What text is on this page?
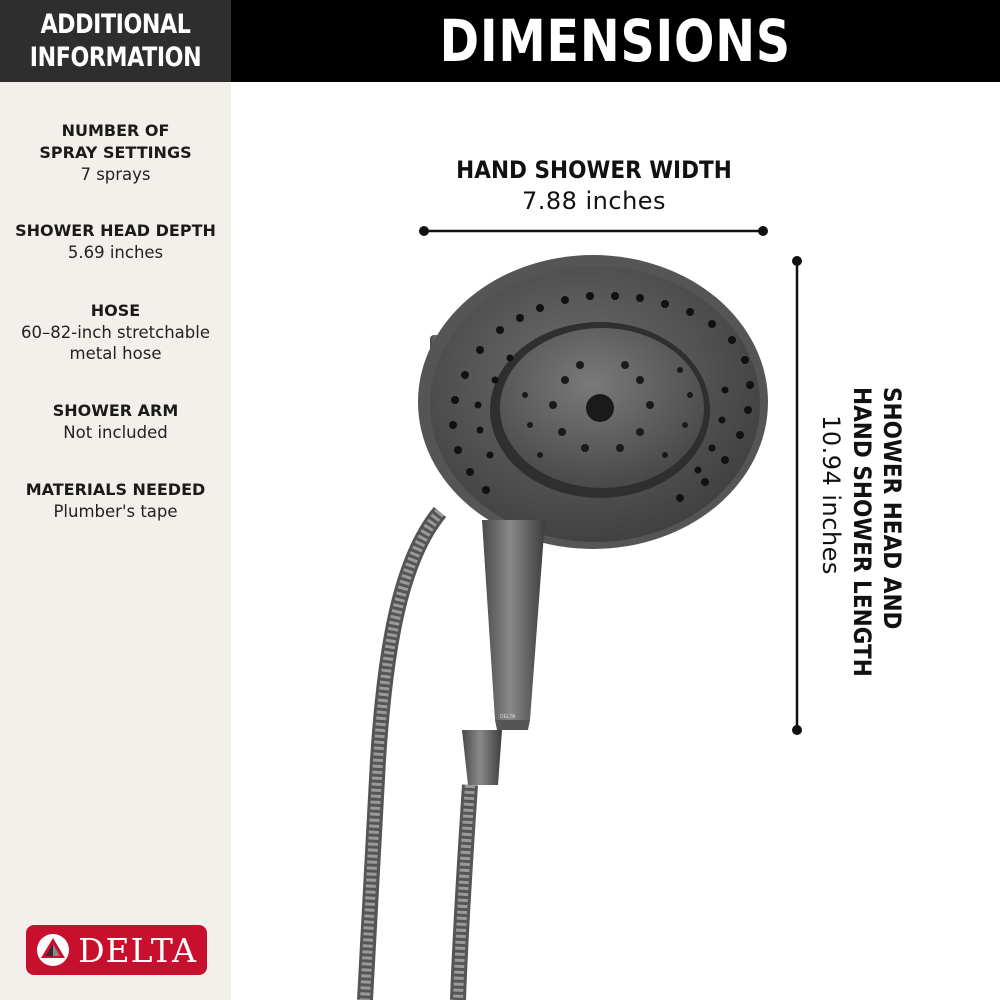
ADDITIONAL
INFORMATION
NUMBER OF SPRAY SETTINGS
7 sprays
SHOWER HEAD DEPTH
5.69 inches
HOSE
60–82-inch stretchable metal hose
SHOWER ARM
Not included
MATERIALS NEEDED
Plumber's tape
DELTA
DIMENSIONS
HAND SHOWER WIDTH
7.88 inches
SHOWER HEAD AND
HAND SHOWER LENGTH
10.94 inches
DELTA
